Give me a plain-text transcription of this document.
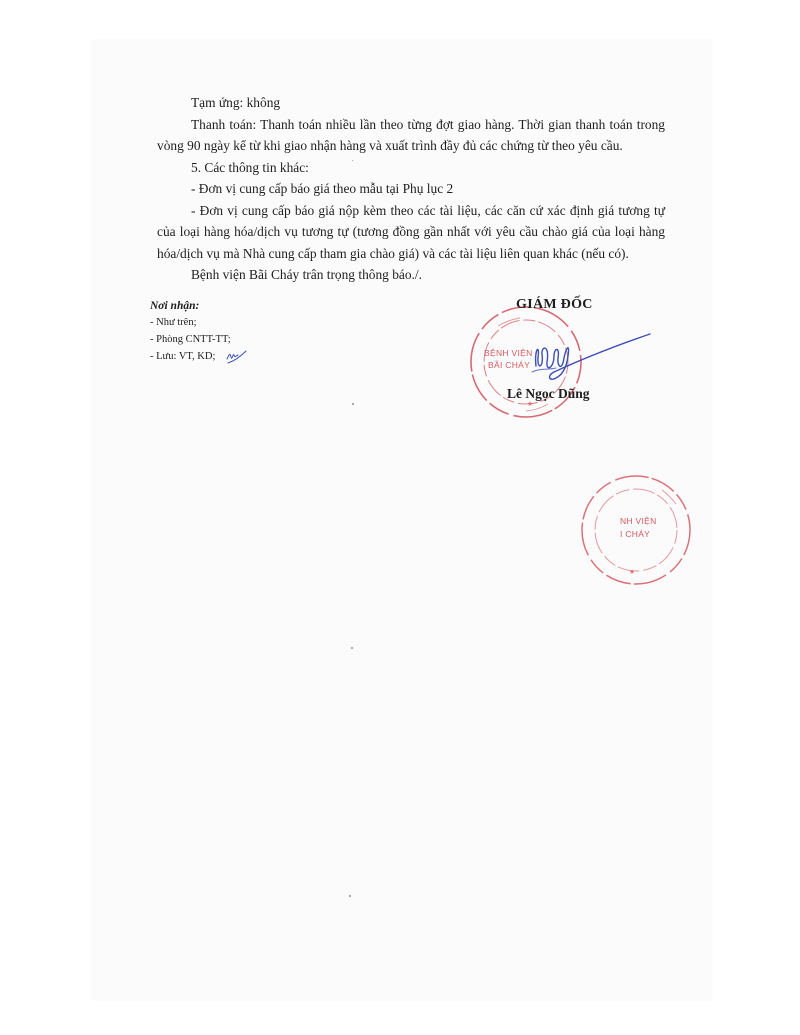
Tạm ứng: không

Thanh toán: Thanh toán nhiều lần theo từng đợt giao hàng. Thời gian thanh toán trong vòng 90 ngày kể từ khi giao nhận hàng và xuất trình đầy đủ các chứng từ theo yêu cầu.

5. Các thông tin khác:

- Đơn vị cung cấp báo giá theo mẫu tại Phụ lục 2

- Đơn vị cung cấp báo giá nộp kèm theo các tài liệu, các căn cứ xác định giá tương tự của loại hàng hóa/dịch vụ tương tự (tương đồng gần nhất với yêu cầu chào giá của loại hàng hóa/dịch vụ mà Nhà cung cấp tham gia chào giá) và các tài liệu liên quan khác (nếu có).

Bệnh viện Bãi Cháy trân trọng thông báo./.

Nơi nhận:
- Như trên;
- Phòng CNTT-TT;
- Lưu: VT, KD;
★
BỆNH VIỆN
BÃI CHÁY
GIÁM ĐỐC
Lê Ngọc Dũng
★
NH VIỆN
I CHÁY
